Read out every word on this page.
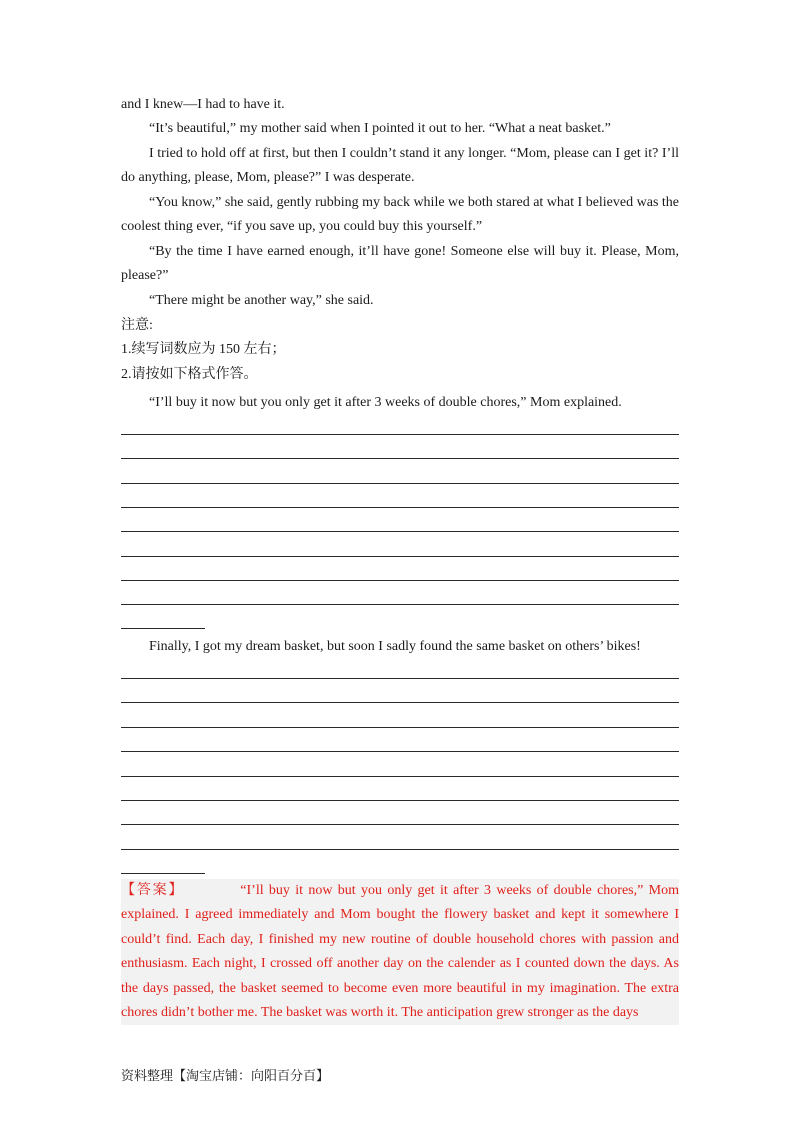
and I knew—I had to have it.

“It’s beautiful,” my mother said when I pointed it out to her. “What a neat basket.”

I tried to hold off at first, but then I couldn’t stand it any longer. “Mom, please can I get it? I’ll do anything, please, Mom, please?” I was desperate.

“You know,” she said, gently rubbing my back while we both stared at what I believed was the coolest thing ever, “if you save up, you could buy this yourself.”

“By the time I have earned enough, it’ll have gone! Someone else will buy it. Please, Mom, please?”

“There might be another way,” she said.

注意:

1.续写词数应为 150 左右；

2.请按如下格式作答。

“I’ll buy it now but you only get it after 3 weeks of double chores,” Mom explained.

Finally, I got my dream basket, but soon I sadly found the same basket on others’ bikes!

【答案】	“I’ll buy it now but you only get it after 3 weeks of double chores,” Mom explained. I agreed immediately and Mom bought the flowery basket and kept it somewhere I could’t find. Each day, I finished my new routine of double household chores with passion and enthusiasm. Each night, I crossed off another day on the calender as I counted down the days. As the days passed, the basket seemed to become even more beautiful in my imagination. The extra chores didn’t bother me. The basket was worth it. The anticipation grew stronger as the days

资料整理【淘宝店铺：向阳百分百】
